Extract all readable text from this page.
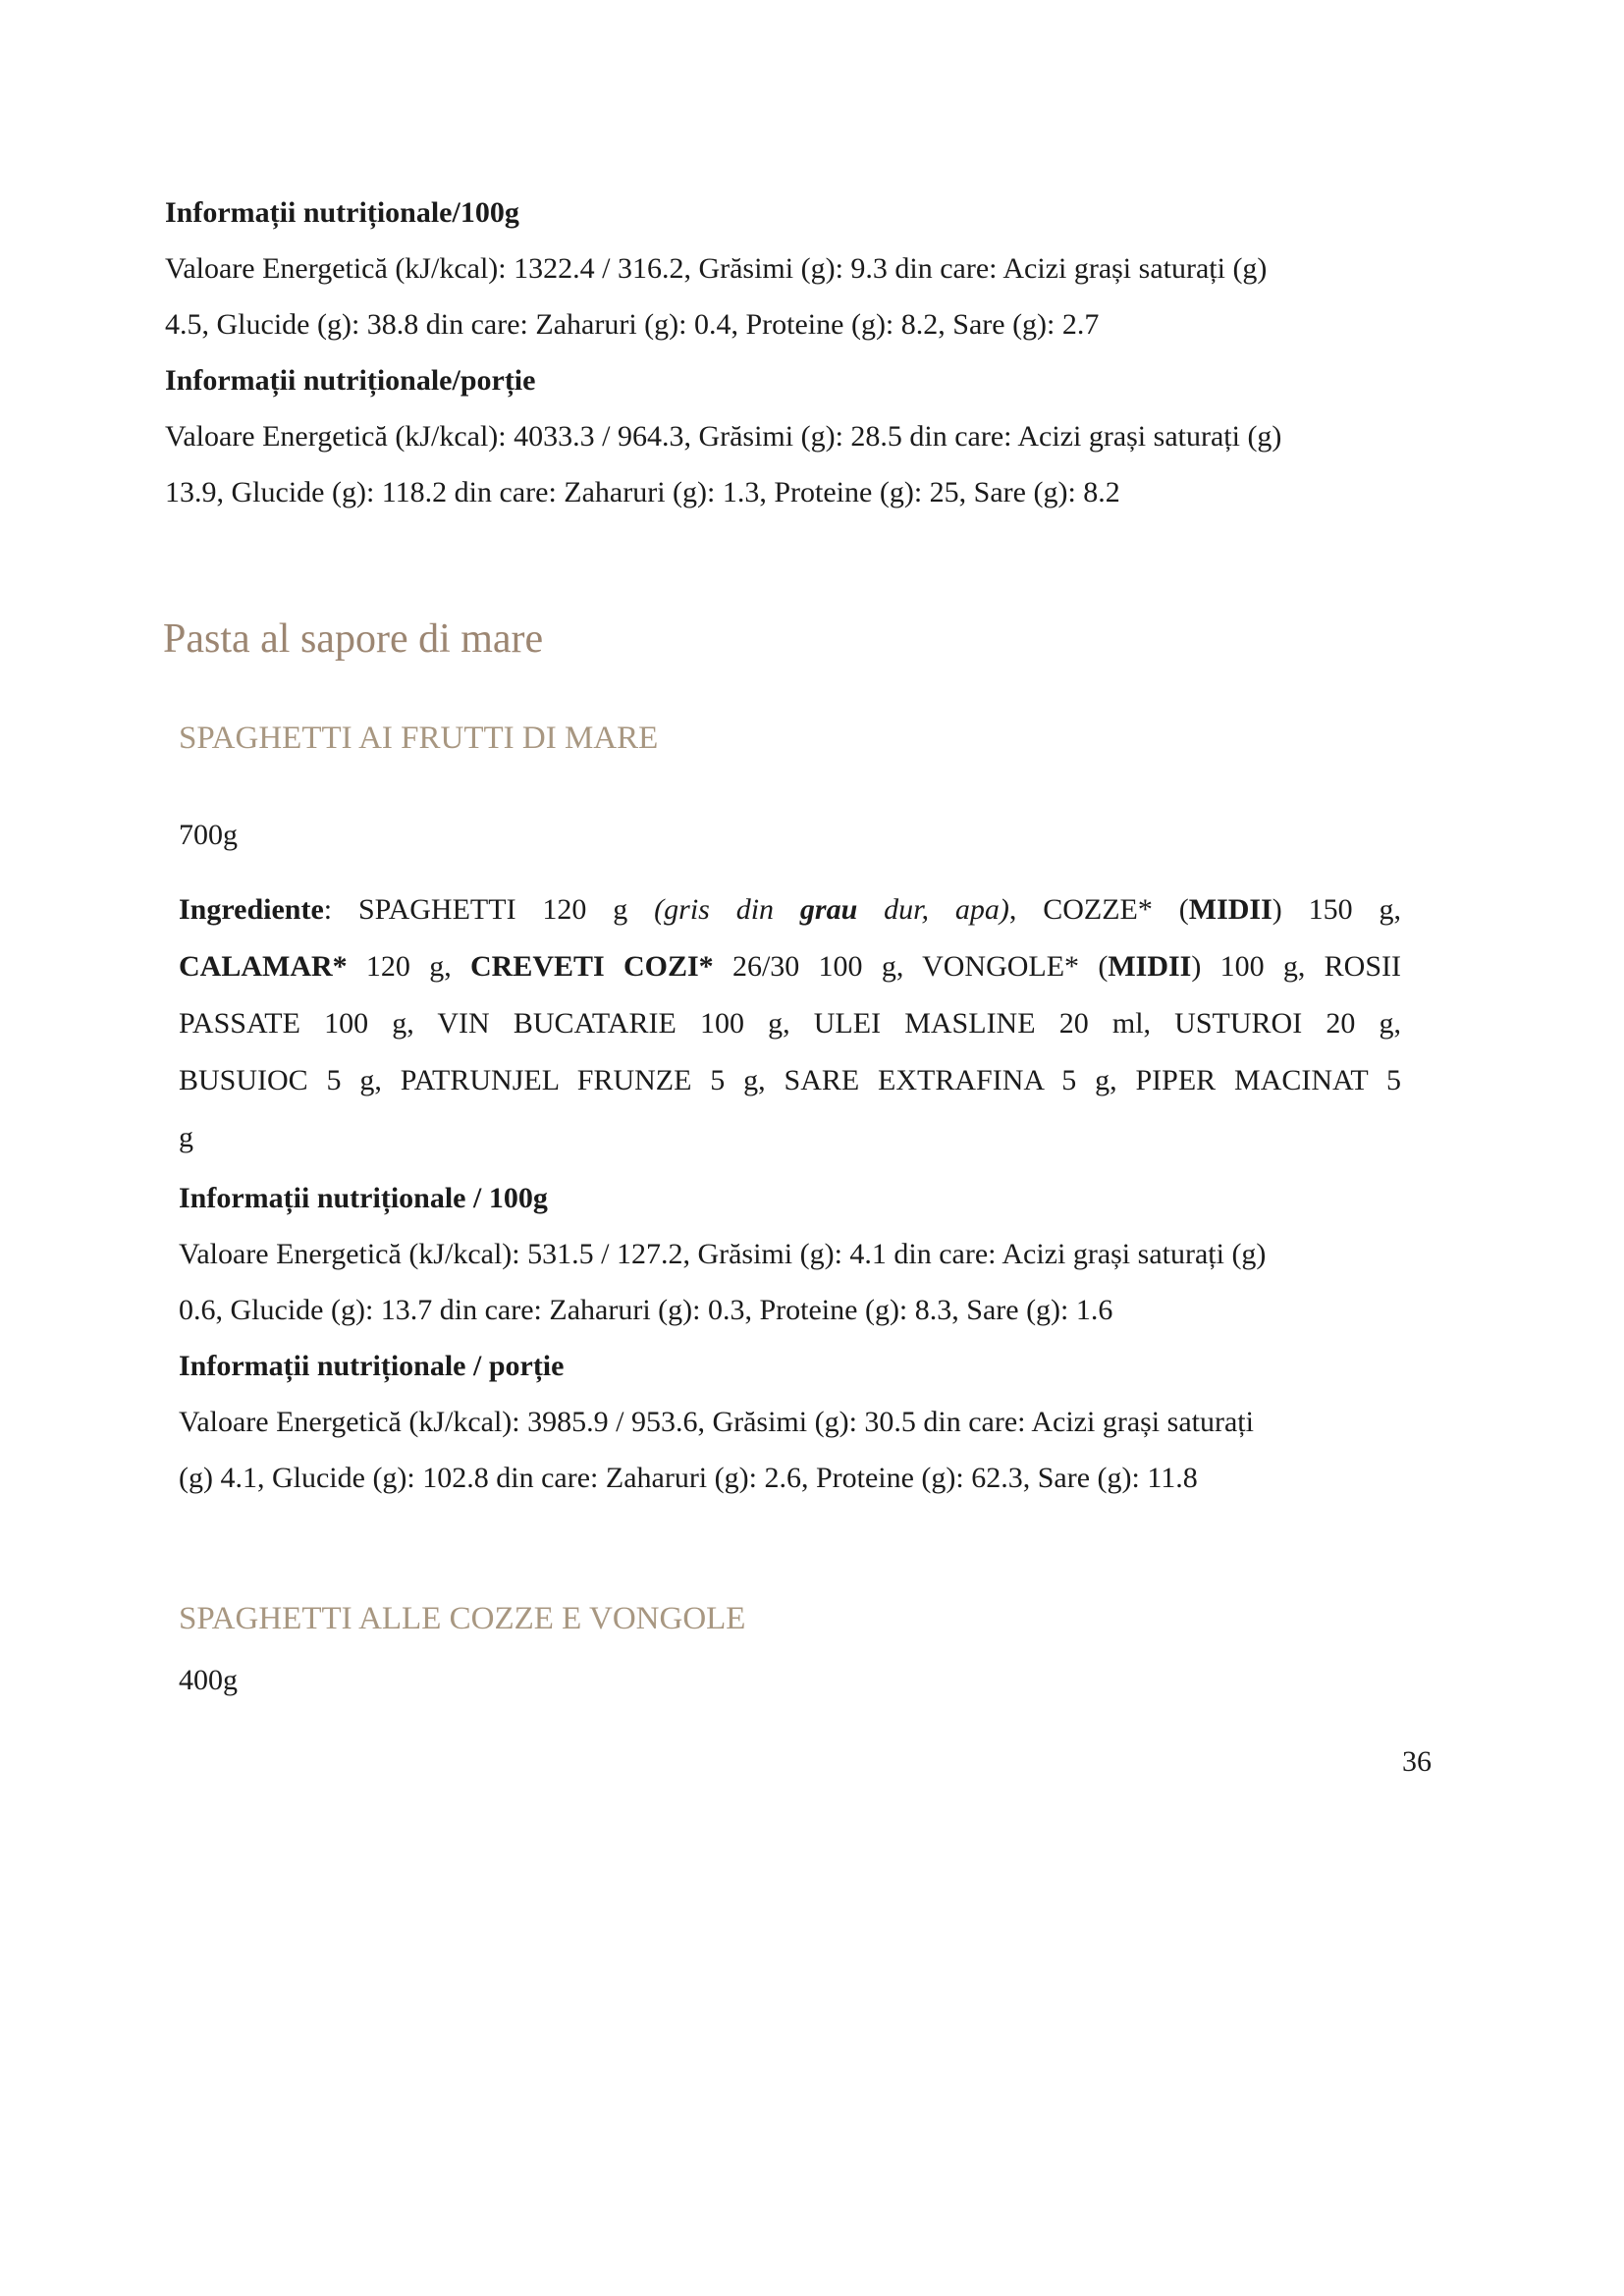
Informații nutriționale/100g

Valoare Energetică (kJ/kcal): 1322.4 / 316.2, Grăsimi (g): 9.3 din care: Acizi grași saturați (g)

4.5, Glucide (g): 38.8 din care: Zaharuri (g): 0.4, Proteine (g): 8.2, Sare (g): 2.7

Informații nutriționale/porție

Valoare Energetică (kJ/kcal): 4033.3 / 964.3, Grăsimi (g): 28.5 din care: Acizi grași saturați (g)

13.9, Glucide (g): 118.2 din care: Zaharuri (g): 1.3, Proteine (g): 25, Sare (g): 8.2

Pasta al sapore di mare
SPAGHETTI AI FRUTTI DI MARE

700g

Ingrediente: SPAGHETTI 120 g (gris din grau dur, apa), COZZE* (MIDII) 150 g,

CALAMAR* 120 g, CREVETI COZI* 26/30 100 g, VONGOLE* (MIDII) 100 g, ROSII

PASSATE 100 g, VIN BUCATARIE 100 g, ULEI MASLINE 20 ml, USTUROI 20 g,

BUSUIOC 5 g, PATRUNJEL FRUNZE 5 g, SARE EXTRAFINA 5 g, PIPER MACINAT 5

g

Informații nutriționale / 100g

Valoare Energetică (kJ/kcal): 531.5 / 127.2, Grăsimi (g): 4.1 din care: Acizi grași saturați (g)

0.6, Glucide (g): 13.7 din care: Zaharuri (g): 0.3, Proteine (g): 8.3, Sare (g): 1.6

Informații nutriționale / porție

Valoare Energetică (kJ/kcal): 3985.9 / 953.6, Grăsimi (g): 30.5 din care: Acizi grași saturați

(g) 4.1, Glucide (g): 102.8 din care: Zaharuri (g): 2.6, Proteine (g): 62.3, Sare (g): 11.8

SPAGHETTI ALLE COZZE E VONGOLE

400g

36
